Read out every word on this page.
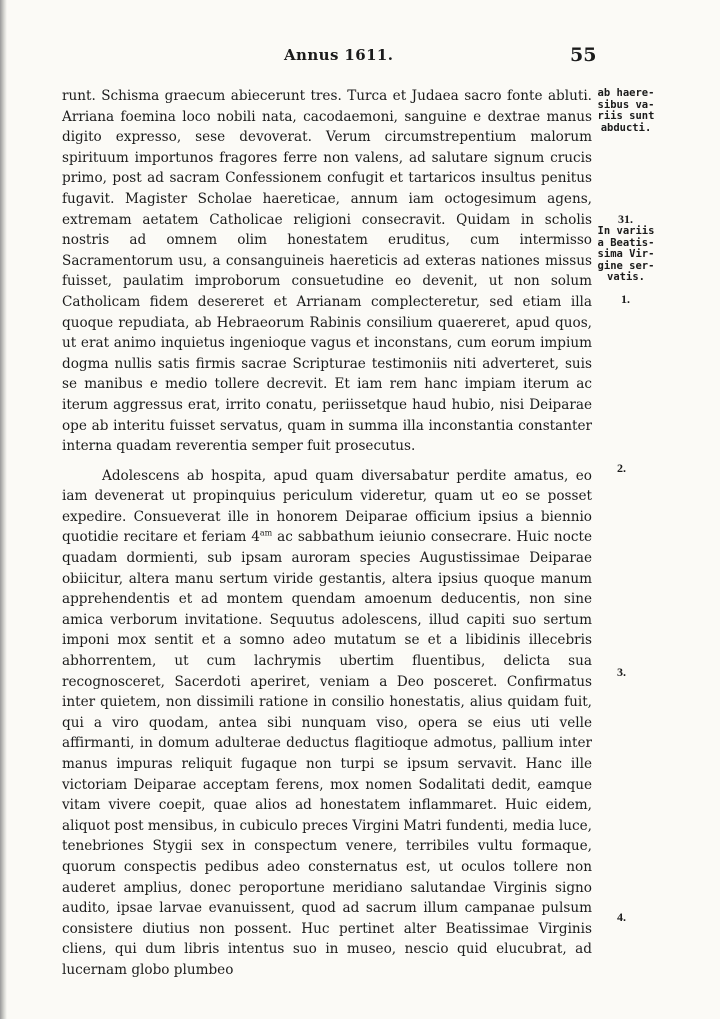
Annus 1611.	55

runt. Schisma graecum abiecerunt tres. Turca et Judaea sacro fonte abluti. Arriana foemina loco nobili nata, cacodaemoni, sanguine e dextrae manus digito expresso, sese devoverat. Verum circumstrepentium malorum spirituum importunos fragores ferre non valens, ad salutare signum crucis primo, post ad sacram Confessionem confugit et tartaricos insultus penitus fugavit. Magister Scholae haereticae, annum iam octogesimum agens, extremam aetatem Catholicae religioni consecravit. Quidam in scholis nostris ad omnem olim honestatem eruditus, cum intermisso Sacramentorum usu, a consanguineis haereticis ad exteras nationes missus fuisset, paulatim improborum consuetudine eo devenit, ut non solum Catholicam fidem desereret et Arrianam complecteretur, sed etiam illa quoque repudiata, ab Hebraeorum Rabinis consilium quaereret, apud quos, ut erat animo inquietus ingenioque vagus et inconstans, cum eorum impium dogma nullis satis firmis sacrae Scripturae testimoniis niti adverteret, suis se manibus e medio tollere decrevit. Et iam rem hanc impiam iterum ac iterum aggressus erat, irrito conatu, periissetque haud hubio, nisi Deiparae ope ab interitu fuisset servatus, quam in summa illa inconstantia constanter interna quadam reverentia semper fuit prosecutus.

Adolescens ab hospita, apud quam diversabatur perdite amatus, eo iam devenerat ut propinquius periculum videretur, quam ut eo se posset expedire. Consueverat ille in honorem Deiparae officium ipsius a biennio quotidie recitare et feriam $4^{am}$ ac sabbathum ieiunio consecrare. Huic nocte quadam dormienti, sub ipsam auroram species Augustissimae Deiparae obiicitur, altera manu sertum viride gestantis, altera ipsius quoque manum apprehendentis et ad montem quendam amoenum deducentis, non sine amica verborum invitatione. Sequutus adolescens, illud capiti suo sertum imponi mox sentit et a somno adeo mutatum se et a libidinis illecebris abhorrentem, ut cum lachrymis ubertim fluentibus, delicta sua recognosceret, Sacerdoti aperiret, veniam a Deo posceret. Confirmatus inter quietem, non dissimili ratione in consilio honestatis, alius quidam fuit, qui a viro quodam, antea sibi nunquam viso, opera se eius uti velle affirmanti, in domum adulterae deductus flagitioque admotus, pallium inter manus impuras reliquit fugaque non turpi se ipsum servavit. Hanc ille victoriam Deiparae acceptam ferens, mox nomen Sodalitati dedit, eamque vitam vivere coepit, quae alios ad honestatem inflammaret. Huic eidem, aliquot post mensibus, in cubiculo preces Virgini Matri fundenti, media luce, tenebriones Stygii sex in conspectum venere, terribiles vultu formaque, quorum conspectis pedibus adeo consternatus est, ut oculos tollere non auderet amplius, donec peroportune meridiano salutandae Virginis signo audito, ipsae larvae evanuissent, quod ad sacrum illum campanae pulsum consistere diutius non possent. Huc pertinet alter Beatissimae Virginis cliens, qui dum libris intentus suo in museo, nescio quid elucubrat, ad lucernam globo plumbeo

ab haere-
sibus va-
riis sunt
abducti.
31.
In variis
a Beatis-
sima Vir-
gine ser-
vatis.
1.
2.
3.
4.
